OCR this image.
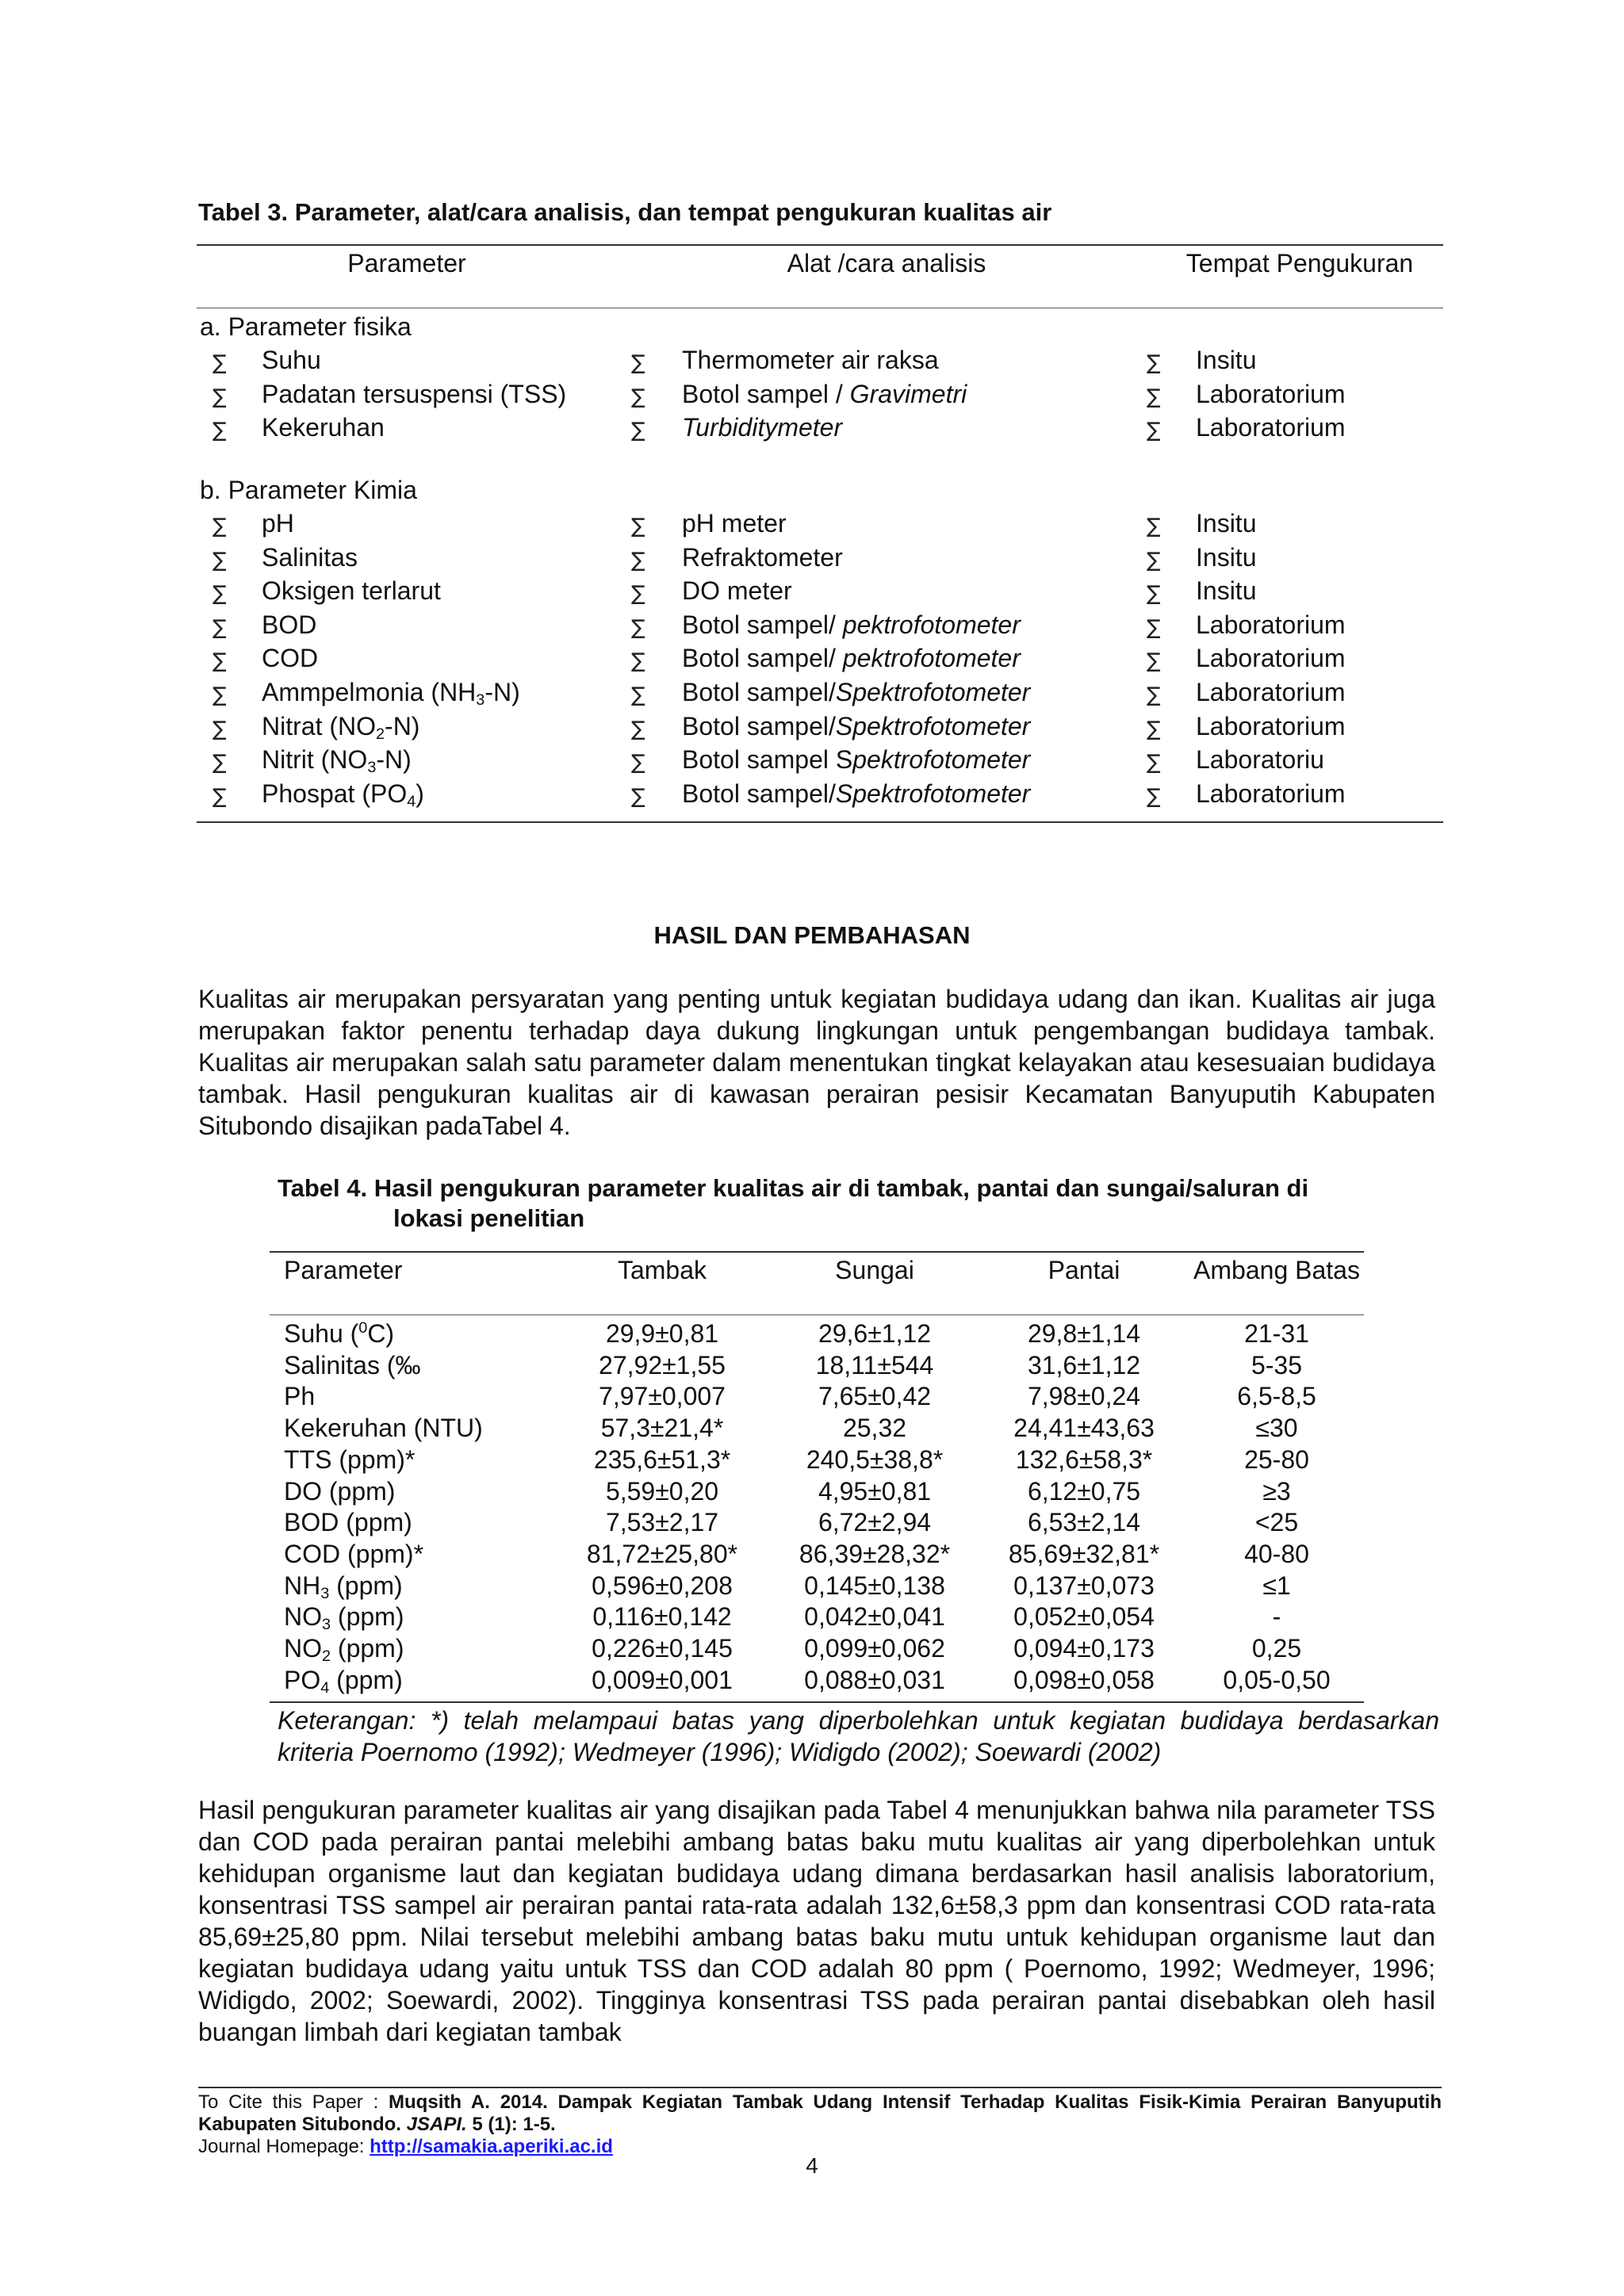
Tabel 3. Parameter, alat/cara analisis, dan tempat pengukuran kualitas air
Parameter	Alat /cara analisis	Tempat Pengukuran
a. Parameter fisika
∑ Suhu	∑ Thermometer air raksa	∑ Insitu
∑ Padatan tersuspensi (TSS)	∑ Botol sampel / Gravimetri	∑ Laboratorium
∑ Kekeruhan	∑ Turbiditymeter	∑ Laboratorium
b. Parameter Kimia
∑ pH	∑ pH meter	∑ Insitu
∑ Salinitas	∑ Refraktometer	∑ Insitu
∑ Oksigen terlarut	∑ DO meter	∑ Insitu
∑ BOD	∑ Botol sampel/ pektrofotometer	∑ Laboratorium
∑ COD	∑ Botol sampel/ pektrofotometer	∑ Laboratorium
∑ Ammpelmonia $(NH_3-N)$	∑ Botol sampel/Spektrofotometer	∑ Laboratorium
∑ Nitrat $(NO_2-N)$	∑ Botol sampel/Spektrofotometer	∑ Laboratorium
∑ Nitrit $(NO_3-N)$	∑ Botol sampel Spektrofotometer	∑ Laboratoriu
∑ Phospat $(PO_4)$	∑ Botol sampel/Spektrofotometer	∑ Laboratorium
HASIL DAN PEMBAHASAN
Kualitas air merupakan persyaratan yang penting untuk kegiatan budidaya udang dan ikan. Kualitas air juga merupakan faktor penentu terhadap daya dukung lingkungan untuk pengembangan budidaya tambak. Kualitas air merupakan salah satu parameter dalam menentukan tingkat kelayakan atau kesesuaian budidaya tambak. Hasil pengukuran kualitas air di kawasan perairan pesisir Kecamatan Banyuputih Kabupaten Situbondo disajikan padaTabel 4.
Tabel 4. Hasil pengukuran parameter kualitas air di tambak, pantai dan sungai/saluran di
lokasi penelitian
Parameter	Tambak	Sungai	Pantai	Ambang Batas
Suhu ($^0$C)	29,9±0,81	29,6±1,12	29,8±1,14	21-31
Salinitas (‰	27,92±1,55	18,11±544	31,6±1,12	5-35
Ph	7,97±0,007	7,65±0,42	7,98±0,24	6,5-8,5
Kekeruhan (NTU)	57,3±21,4*	25,32	24,41±43,63	≤30
TTS (ppm)*	235,6±51,3*	240,5±38,8*	132,6±58,3*	25-80
DO (ppm)	5,59±0,20	4,95±0,81	6,12±0,75	≥3
BOD (ppm)	7,53±2,17	6,72±2,94	6,53±2,14	<25
COD (ppm)*	81,72±25,80*	86,39±28,32*	85,69±32,81*	40-80
$NH_3$ (ppm)	0,596±0,208	0,145±0,138	0,137±0,073	≤1
$NO_3$ (ppm)	0,116±0,142	0,042±0,041	0,052±0,054	-
$NO_2$ (ppm)	0,226±0,145	0,099±0,062	0,094±0,173	0,25
$PO_4$ (ppm)	0,009±0,001	0,088±0,031	0,098±0,058	0,05-0,50
Keterangan: *) telah melampaui batas yang diperbolehkan untuk kegiatan budidaya berdasarkan kriteria Poernomo (1992); Wedmeyer (1996); Widigdo (2002); Soewardi (2002)
Hasil pengukuran parameter kualitas air yang disajikan pada Tabel 4 menunjukkan bahwa nila parameter TSS dan COD pada perairan pantai melebihi ambang batas baku mutu kualitas air yang diperbolehkan untuk kehidupan organisme laut dan kegiatan budidaya udang dimana berdasarkan hasil analisis laboratorium, konsentrasi TSS sampel air perairan pantai rata-rata adalah 132,6±58,3 ppm dan konsentrasi COD rata-rata 85,69±25,80 ppm. Nilai tersebut melebihi ambang batas baku mutu untuk kehidupan organisme laut dan kegiatan budidaya udang yaitu untuk TSS dan COD adalah 80 ppm ( Poernomo, 1992; Wedmeyer, 1996; Widigdo, 2002; Soewardi, 2002). Tingginya konsentrasi TSS pada perairan pantai disebabkan oleh hasil buangan limbah dari kegiatan tambak
To Cite this Paper : Muqsith A. 2014. Dampak Kegiatan Tambak Udang Intensif Terhadap Kualitas Fisik-Kimia Perairan Banyuputih Kabupaten Situbondo. JSAPI. 5 (1): 1-5.
Journal Homepage: http://samakia.aperiki.ac.id
4
